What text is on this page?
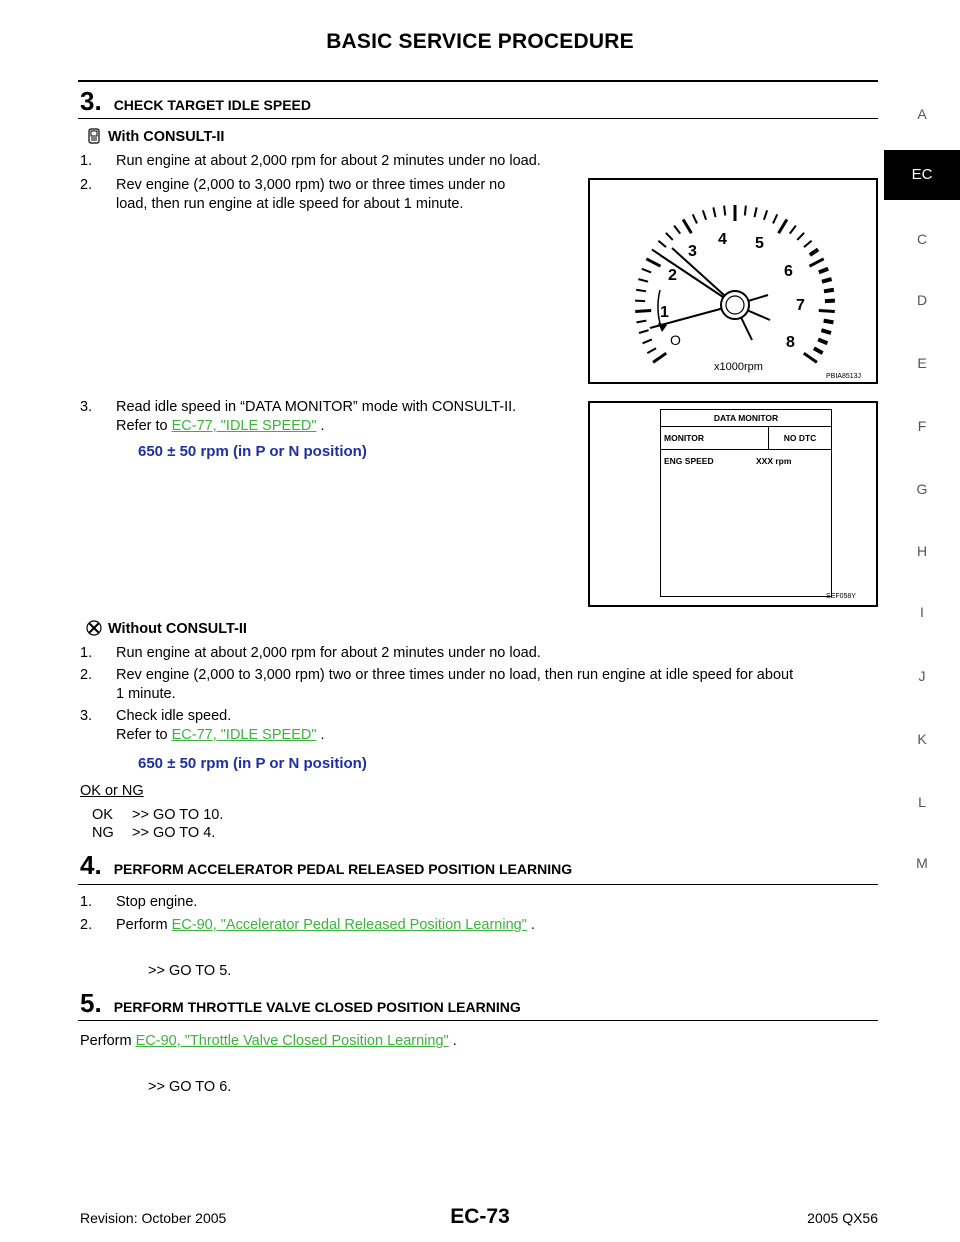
BASIC SERVICE PROCEDURE
A
EC
C
D
E
F
G
H
I
J
K
L
M
3. CHECK TARGET IDLE SPEED
With CONSULT-II
1. Run engine at about 2,000 rpm for about 2 minutes under no load.
2. Rev engine (2,000 to 3,000 rpm) two or three times under no
load, then run engine at idle speed for about 1 minute.
O
1
2
3
4 5
6
7
8
x1000rpm
PBIA8513J
3. Read idle speed in “DATA MONITOR” mode with CONSULT-II.
Refer to EC-77, "IDLE SPEED" .
650 ± 50 rpm (in P or N position)
DATA MONITOR
MONITOR	NO DTC
ENG SPEED	XXX rpm
SEF058Y
Without CONSULT-II
1. Run engine at about 2,000 rpm for about 2 minutes under no load.
2. Rev engine (2,000 to 3,000 rpm) two or three times under no load, then run engine at idle speed for about
1 minute.
3. Check idle speed.
Refer to EC-77, "IDLE SPEED" .
650 ± 50 rpm (in P or N position)
OK or NG
OK >> GO TO 10.
NG >> GO TO 4.
4. PERFORM ACCELERATOR PEDAL RELEASED POSITION LEARNING
1. Stop engine.
2. Perform EC-90, "Accelerator Pedal Released Position Learning" .
>> GO TO 5.
5. PERFORM THROTTLE VALVE CLOSED POSITION LEARNING
Perform EC-90, "Throttle Valve Closed Position Learning" .
>> GO TO 6.
Revision: October 2005	EC-73	2005 QX56
